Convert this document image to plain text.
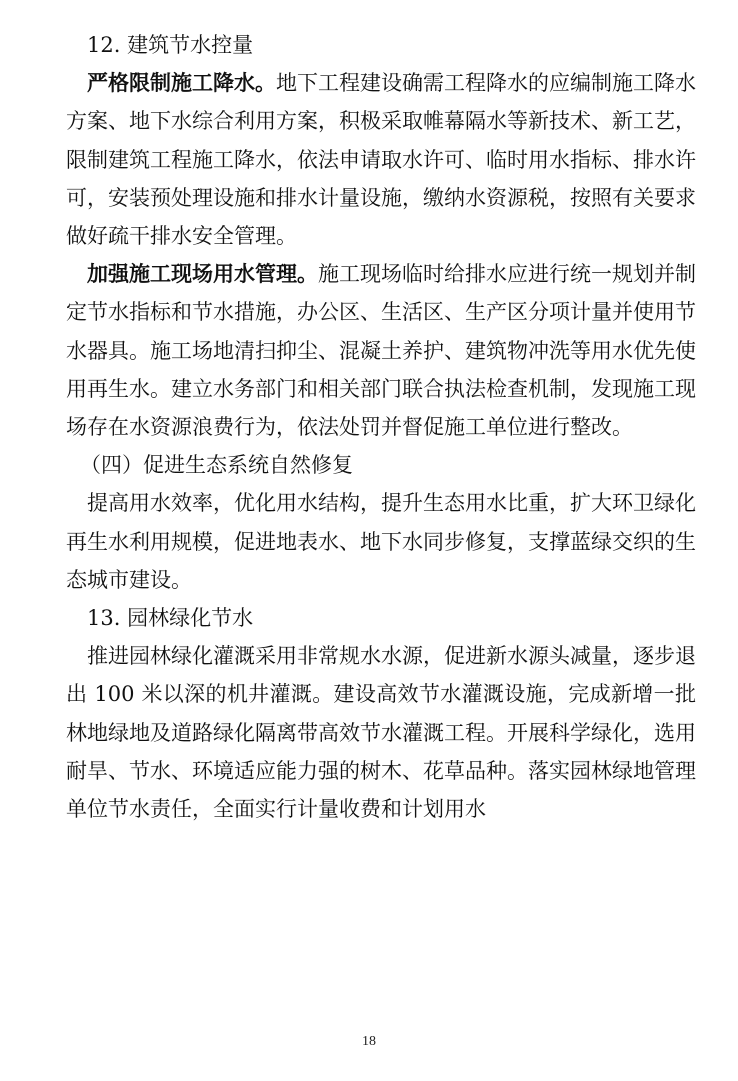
12. 建筑节水控量

严格限制施工降水。地下工程建设确需工程降水的应编制施工降水方案、地下水综合利用方案，积极采取帷幕隔水等新技术、新工艺，限制建筑工程施工降水，依法申请取水许可、临时用水指标、排水许可，安装预处理设施和排水计量设施，缴纳水资源税，按照有关要求做好疏干排水安全管理。

加强施工现场用水管理。施工现场临时给排水应进行统一规划并制定节水指标和节水措施，办公区、生活区、生产区分项计量并使用节水器具。施工场地清扫抑尘、混凝土养护、建筑物冲洗等用水优先使用再生水。建立水务部门和相关部门联合执法检查机制，发现施工现场存在水资源浪费行为，依法处罚并督促施工单位进行整改。

（四）促进生态系统自然修复

提高用水效率，优化用水结构，提升生态用水比重，扩大环卫绿化再生水利用规模，促进地表水、地下水同步修复，支撑蓝绿交织的生态城市建设。

13. 园林绿化节水

推进园林绿化灌溉采用非常规水水源，促进新水源头减量，逐步退出 100 米以深的机井灌溉。建设高效节水灌溉设施，完成新增一批林地绿地及道路绿化隔离带高效节水灌溉工程。开展科学绿化，选用耐旱、节水、环境适应能力强的树木、花草品种。落实园林绿地管理单位节水责任，全面实行计量收费和计划用水

18
